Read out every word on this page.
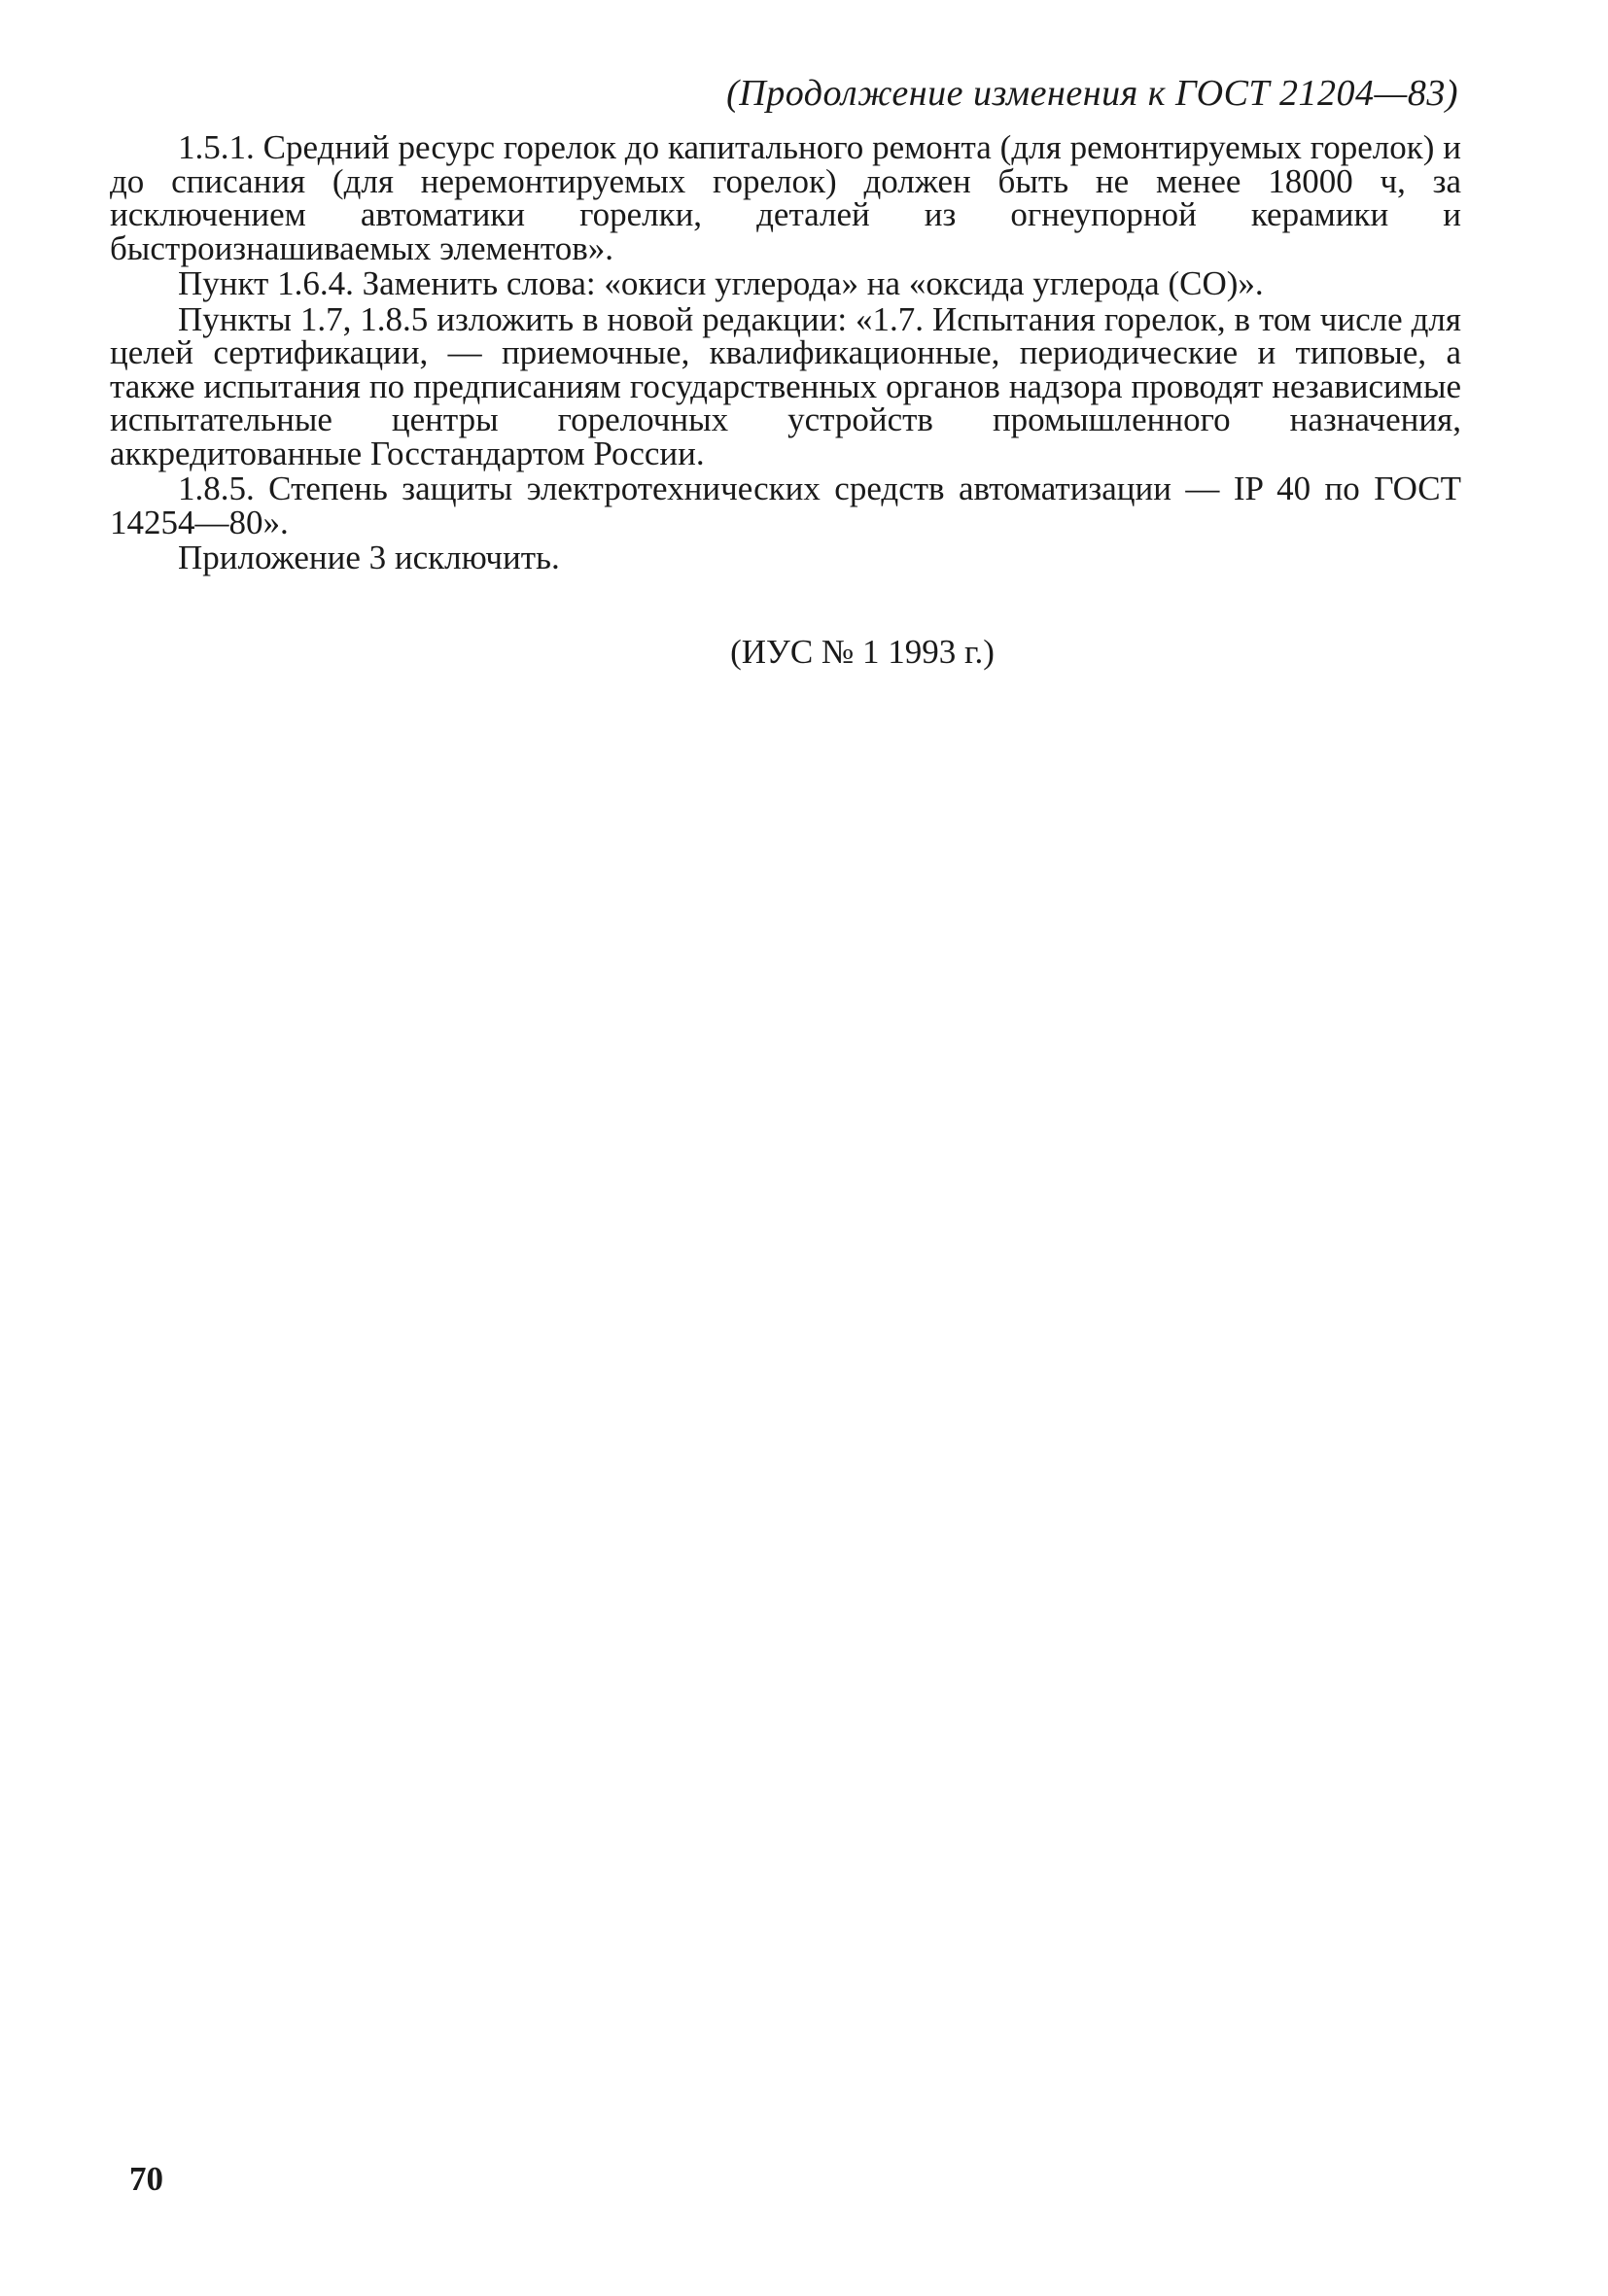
(Продолжение изменения к ГОСТ 21204—83)

1.5.1. Средний ресурс горелок до капитального ремонта (для ремонтируемых горелок) и до списания (для неремонтируемых горелок) должен быть не менее 18000 ч, за исключением автоматики горелки, деталей из огнеупорной керамики и быстроизнашиваемых элементов».

Пункт 1.6.4. Заменить слова: «окиси углерода» на «оксида углерода (СО)».

Пункты 1.7, 1.8.5 изложить в новой редакции: «1.7. Испытания горелок, в том числе для целей сертификации, — приемочные, квалификационные, периодические и типовые, а также испытания по предписаниям государственных органов надзора проводят независимые испытательные центры горелочных устройств промышленного назначения, аккредитованные Госстандартом России.

1.8.5. Степень защиты электротехнических средств автоматизации — IP 40 по ГОСТ 14254—80».

Приложение 3 исключить.

(ИУС № 1 1993 г.)
70
